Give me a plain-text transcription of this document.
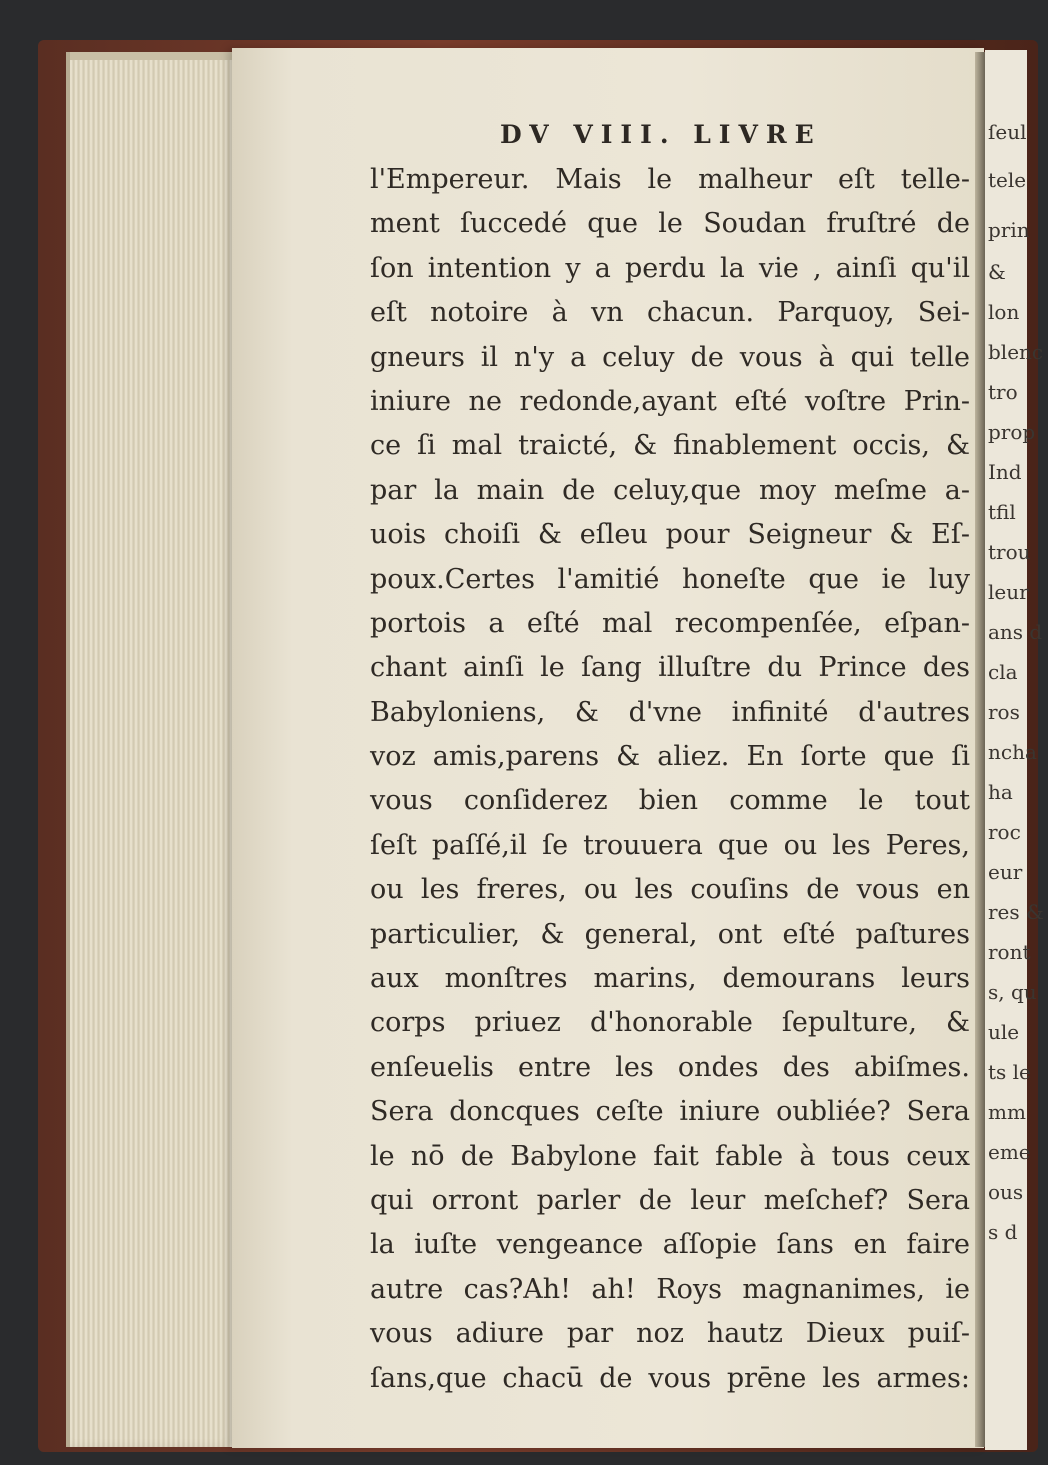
DV VIII. LIVRE
l'Empereur. Mais le malheur eſt telle-
ment ſuccedé que le Soudan fruſtré de
ſon intention y a perdu la vie , ainſi qu'il
eſt notoire à vn chacun. Parquoy, Sei-
gneurs il n'y a celuy de vous à qui telle
iniure ne redonde,ayant eſté voſtre Prin-
ce ſi mal traiсté, & finablement occis, &
par la main de celuy,que moy meſme a-
uois choiſi & eſleu pour Seigneur & Eſ-
poux.Certes l'amitié honeſte que ie luy
portois a eſté mal recompenſée, eſpan-
chant ainſi le ſang illuſtre du Prince des
Babyloniens, & d'vne infinité d'autres
voz amis,parens & aliez. En ſorte que ſi
vous conſiderez bien comme le tout
ſeſt paſſé,il ſe trouuera que ou les Peres,
ou les freres, ou les couſins de vous en
particulier, & general, ont eſté paſtures
aux monſtres marins, demourans leurs
corps priuez d'honorable ſepulture, &
enſeuelis entre les ondes des abiſmes.
Sera doncques ceſte iniure oubliée? Sera
le nō de Babylone fait fable à tous ceux
qui orront parler de leur meſchef? Sera
la iuſte vengeance aſſopie ſans en faire
autre cas?Ah! ah! Roys magnanimes, ie
vous adiure par noz hautz Dieux puiſ-
ſans,que chacū de vous prēne les armes:
ſeul
tele
prin
&
lon
blenc
tro
prop
Ind
tfil
trou
leur
ans d
cla
ros
ncha
ha
roc
eur
res &
ront
s, qu
ule
ts le
mm
eme
ous
s d
